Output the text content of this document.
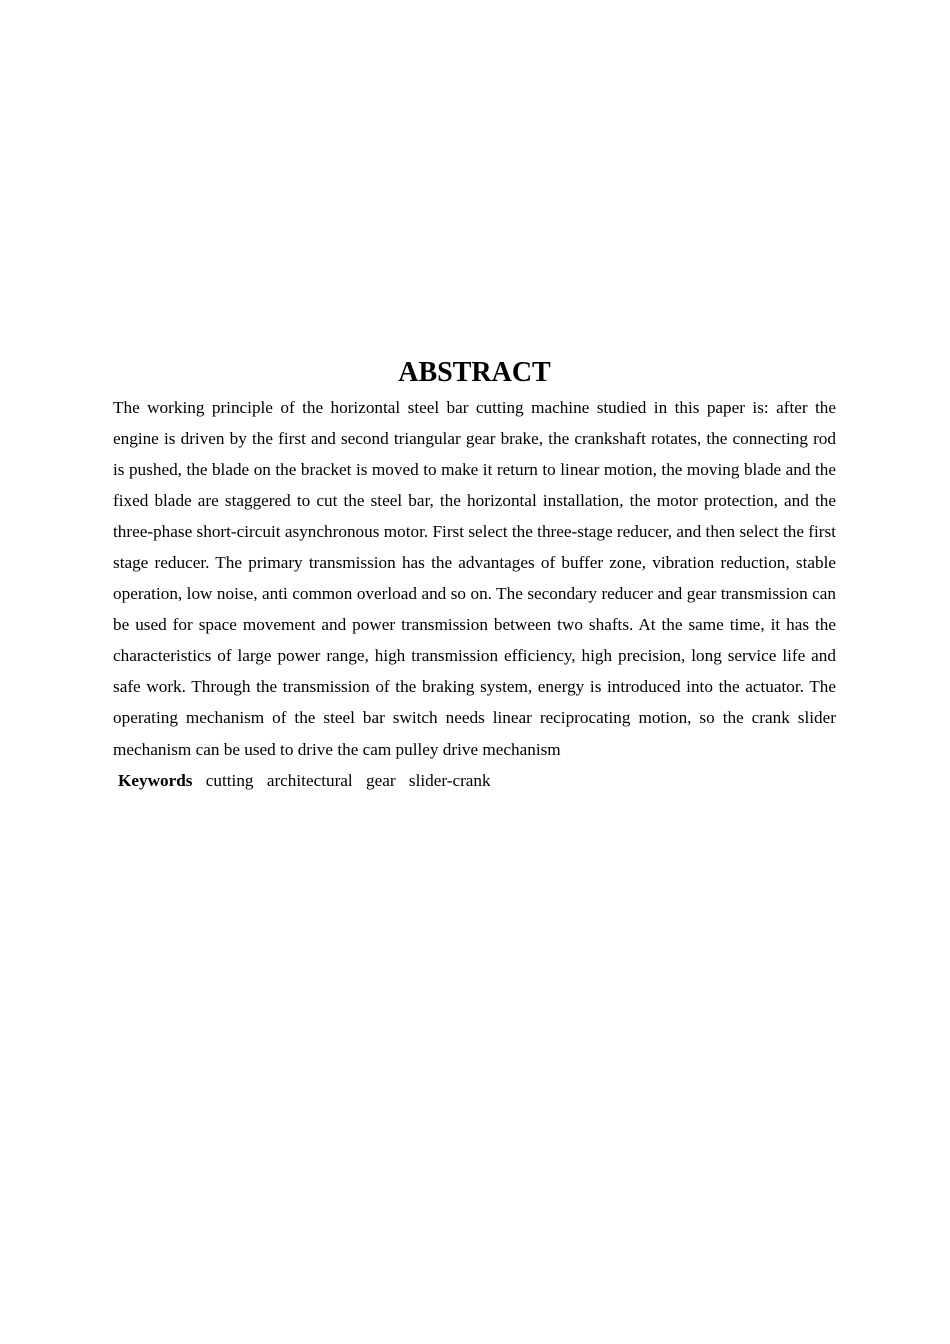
ABSTRACT

The working principle of the horizontal steel bar cutting machine studied in this paper is: after the engine is driven by the first and second triangular gear brake, the crankshaft rotates, the connecting rod is pushed, the blade on the bracket is moved to make it return to linear motion, the moving blade and the fixed blade are staggered to cut the steel bar, the horizontal installation, the motor protection, and the three-phase short-circuit asynchronous motor. First select the three-stage reducer, and then select the first stage reducer. The primary transmission has the advantages of buffer zone, vibration reduction, stable operation, low noise, anti common overload and so on. The secondary reducer and gear transmission can be used for space movement and power transmission between two shafts. At the same time, it has the characteristics of large power range, high transmission efficiency, high precision, long service life and safe work. Through the transmission of the braking system, energy is introduced into the actuator. The operating mechanism of the steel bar switch needs linear reciprocating motion, so the crank slider mechanism can be used to drive the cam pulley drive mechanism

Keywords cutting architectural gear slider-crank
